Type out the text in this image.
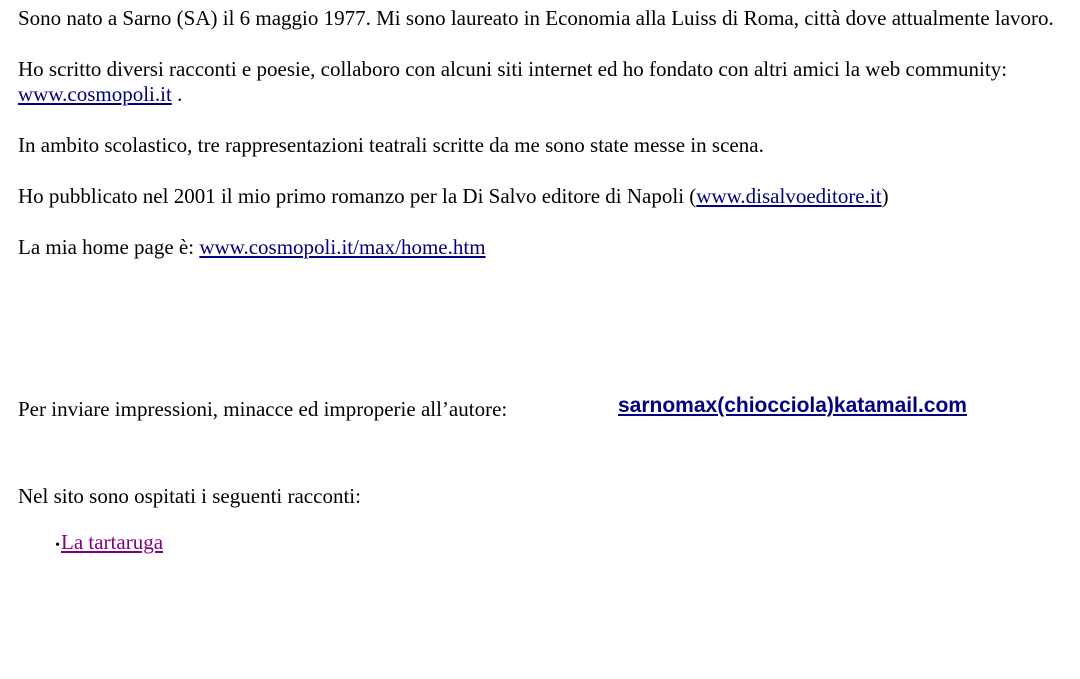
Sono nato a Sarno (SA) il 6 maggio 1977. Mi sono laureato in Economia alla Luiss di Roma, città dove attualmente lavoro.

Ho scritto diversi racconti e poesie, collaboro con alcuni siti internet ed ho fondato con altri amici la web community: www.cosmopoli.it .

In ambito scolastico, tre rappresentazioni teatrali scritte da me sono state messe in scena.

Ho pubblicato nel 2001 il mio primo romanzo per la Di Salvo editore di Napoli (www.disalvoeditore.it)

La mia home page è: www.cosmopoli.it/max/home.htm

Per inviare impressioni, minacce ed improperie all’autore:	sarnomax(chiocciola)katamail.com

Nel sito sono ospitati i seguenti racconti:

•La tartaruga
